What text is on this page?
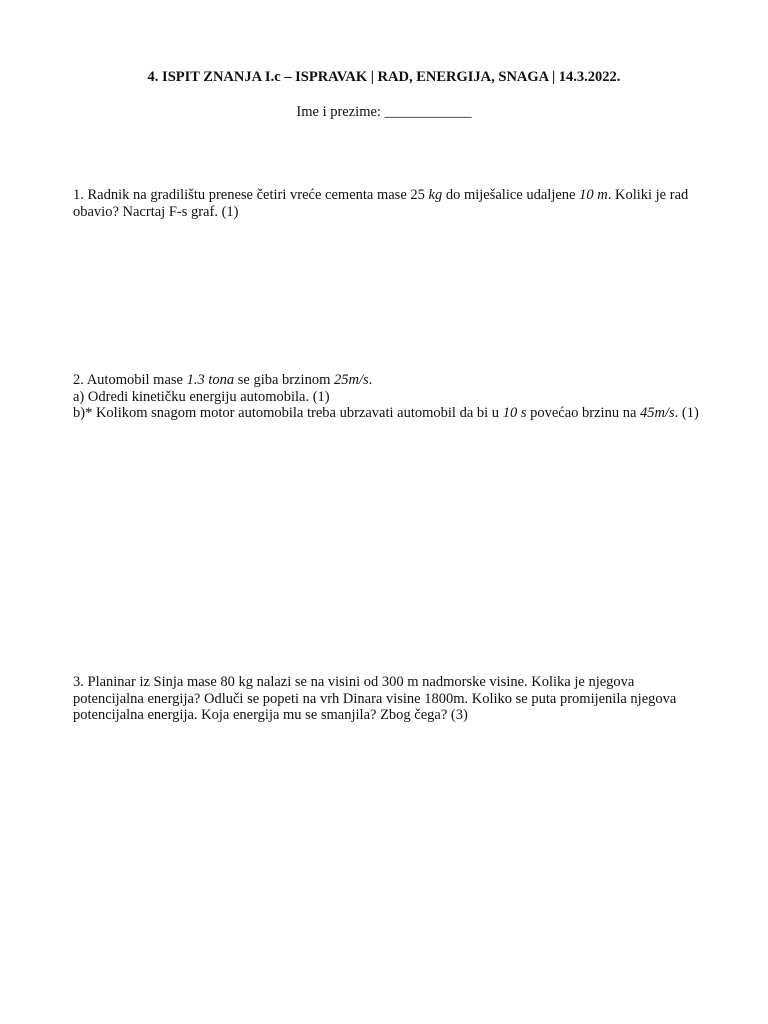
4. ISPIT ZNANJA I.c – ISPRAVAK | RAD, ENERGIJA, SNAGA | 14.3.2022.
Ime i prezime: ____________
1. Radnik na gradilištu prenese četiri vreće cementa mase 25 kg do miješalice udaljene 10 m. Koliki je rad obavio? Nacrtaj F-s graf. (1)
2. Automobil mase 1.3 tona se giba brzinom 25m/s.
a) Odredi kinetičku energiju automobila. (1)
b)* Kolikom snagom motor automobila treba ubrzavati automobil da bi u 10 s povećao brzinu na 45m/s. (1)
3. Planinar iz Sinja mase 80 kg nalazi se na visini od 300 m nadmorske visine. Kolika je njegova potencijalna energija? Odluči se popeti na vrh Dinara visine 1800m. Koliko se puta promijenila njegova potencijalna energija. Koja energija mu se smanjila? Zbog čega? (3)
